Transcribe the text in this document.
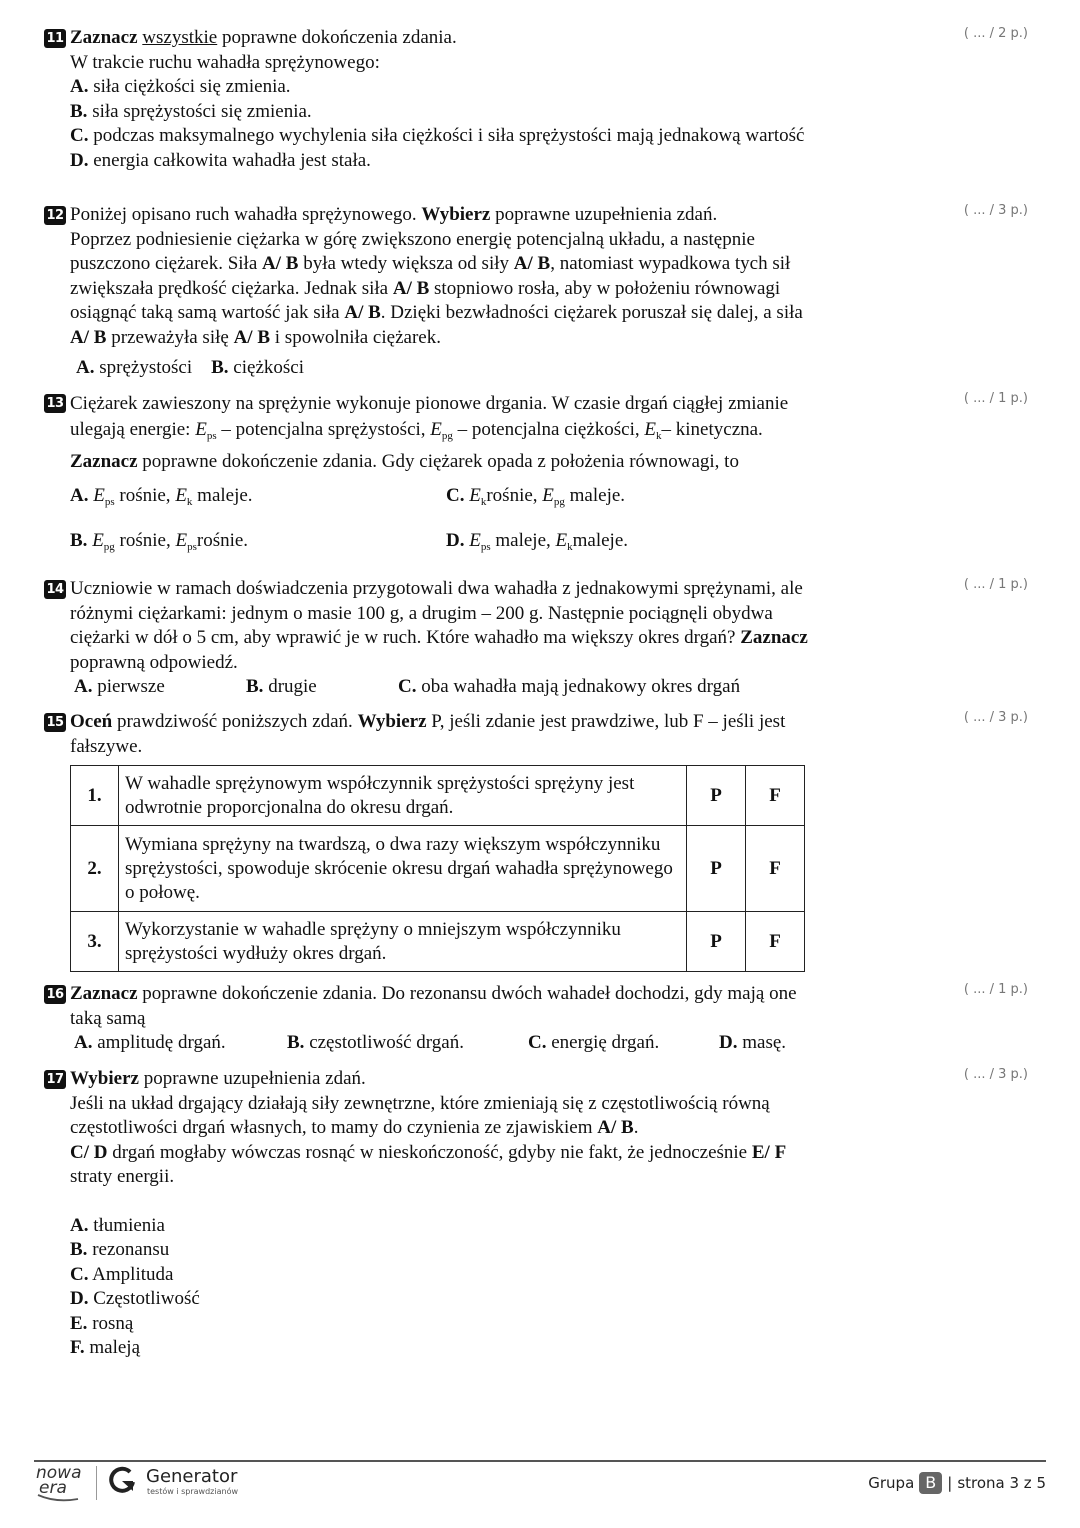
11	( ... / 2 p.)

Zaznacz wszystkie poprawne dokończenia zdania.

W trakcie ruchu wahadła sprężynowego:

A. siła ciężkości się zmienia.

B. siła sprężystości się zmienia.

C. podczas maksymalnego wychylenia siła ciężkości i siła sprężystości mają jednakową wartość

D. energia całkowita wahadła jest stała.

12	( ... / 3 p.)

Poniżej opisano ruch wahadła sprężynowego. Wybierz poprawne uzupełnienia zdań.

Poprzez podniesienie ciężarka w górę zwiększono energię potencjalną układu, a następnie puszczono ciężarek. Siła A/ B była wtedy większa od siły A/ B, natomiast wypadkowa tych sił zwiększała prędkość ciężarka. Jednak siła A/ B stopniowo rosła, aby w położeniu równowagi osiągnąć taką samą wartość jak siła A/ B. Dzięki bezwładności ciężarek poruszał się dalej, a siła A/ B przeważyła siłę A/ B i spowolniła ciężarek.

A. sprężystości B. ciężkości

13	( ... / 1 p.)

Ciężarek zawieszony na sprężynie wykonuje pionowe drgania. W czasie drgań ciągłej zmianie ulegają energie: $E_{ps}$ – potencjalna sprężystości, $E_{pg}$ – potencjalna ciężkości, $E_k-$ kinetyczna. Zaznacz poprawne dokończenie zdania. Gdy ciężarek opada z położenia równowagi, to

A. $E_{ps}$ rośnie, $E_k$ maleje.	C. $E_krośnie$, $E_{pg}$ maleje.
B. $E_{pg}$ rośnie, $E_{ps}rośnie$.	D. $E_{ps}$ maleje, $E_kmaleje$.
14	( ... / 1 p.)

Uczniowie w ramach doświadczenia przygotowali dwa wahadła z jednakowymi sprężynami, ale różnymi ciężarkami: jednym o masie 100 g, a drugim – 200 g. Następnie pociągnęli obydwa ciężarki w dół o 5 cm, aby wprawić je w ruch. Które wahadło ma większy okres drgań? Zaznacz poprawną odpowiedź.

A. pierwsze	B. drugie	C. oba wahadła mają jednakowy okres drgań
15	( ... / 3 p.)

Oceń prawdziwość poniższych zdań. Wybierz P, jeśli zdanie jest prawdziwe, lub F – jeśli jest fałszywe.

1.	W wahadle sprężynowym współczynnik sprężystości sprężyny jest odwrotnie proporcjonalna do okresu drgań.	P	F
2.	Wymiana sprężyny na twardszą, o dwa razy większym współczynniku sprężystości, spowoduje skrócenie okresu drgań wahadła sprężynowego o połowę.	P	F
3.	Wykorzystanie w wahadle sprężyny o mniejszym współczynniku sprężystości wydłuży okres drgań.	P	F
16	( ... / 1 p.)

Zaznacz poprawne dokończenie zdania. Do rezonansu dwóch wahadeł dochodzi, gdy mają one taką samą

A. amplitudę drgań.	B. częstotliwość drgań.	C. energię drgań.	D. masę.
17	( ... / 3 p.)

Wybierz poprawne uzupełnienia zdań.

Jeśli na układ drgający działają siły zewnętrzne, które zmieniają się z częstotliwością równą częstotliwości drgań własnych, to mamy do czynienia ze zjawiskiem A/ B.

C/ D drgań mogłaby wówczas rosnąć w nieskończoność, gdyby nie fakt, że jednocześnie E/ F straty energii.

A. tłumienia

B. rezonansu

C. Amplituda

D. Częstotliwość

E. rosną

F. maleją

nowa
era
Generator
testów i sprawdzianów	Grupa B | strona 3 z 5
